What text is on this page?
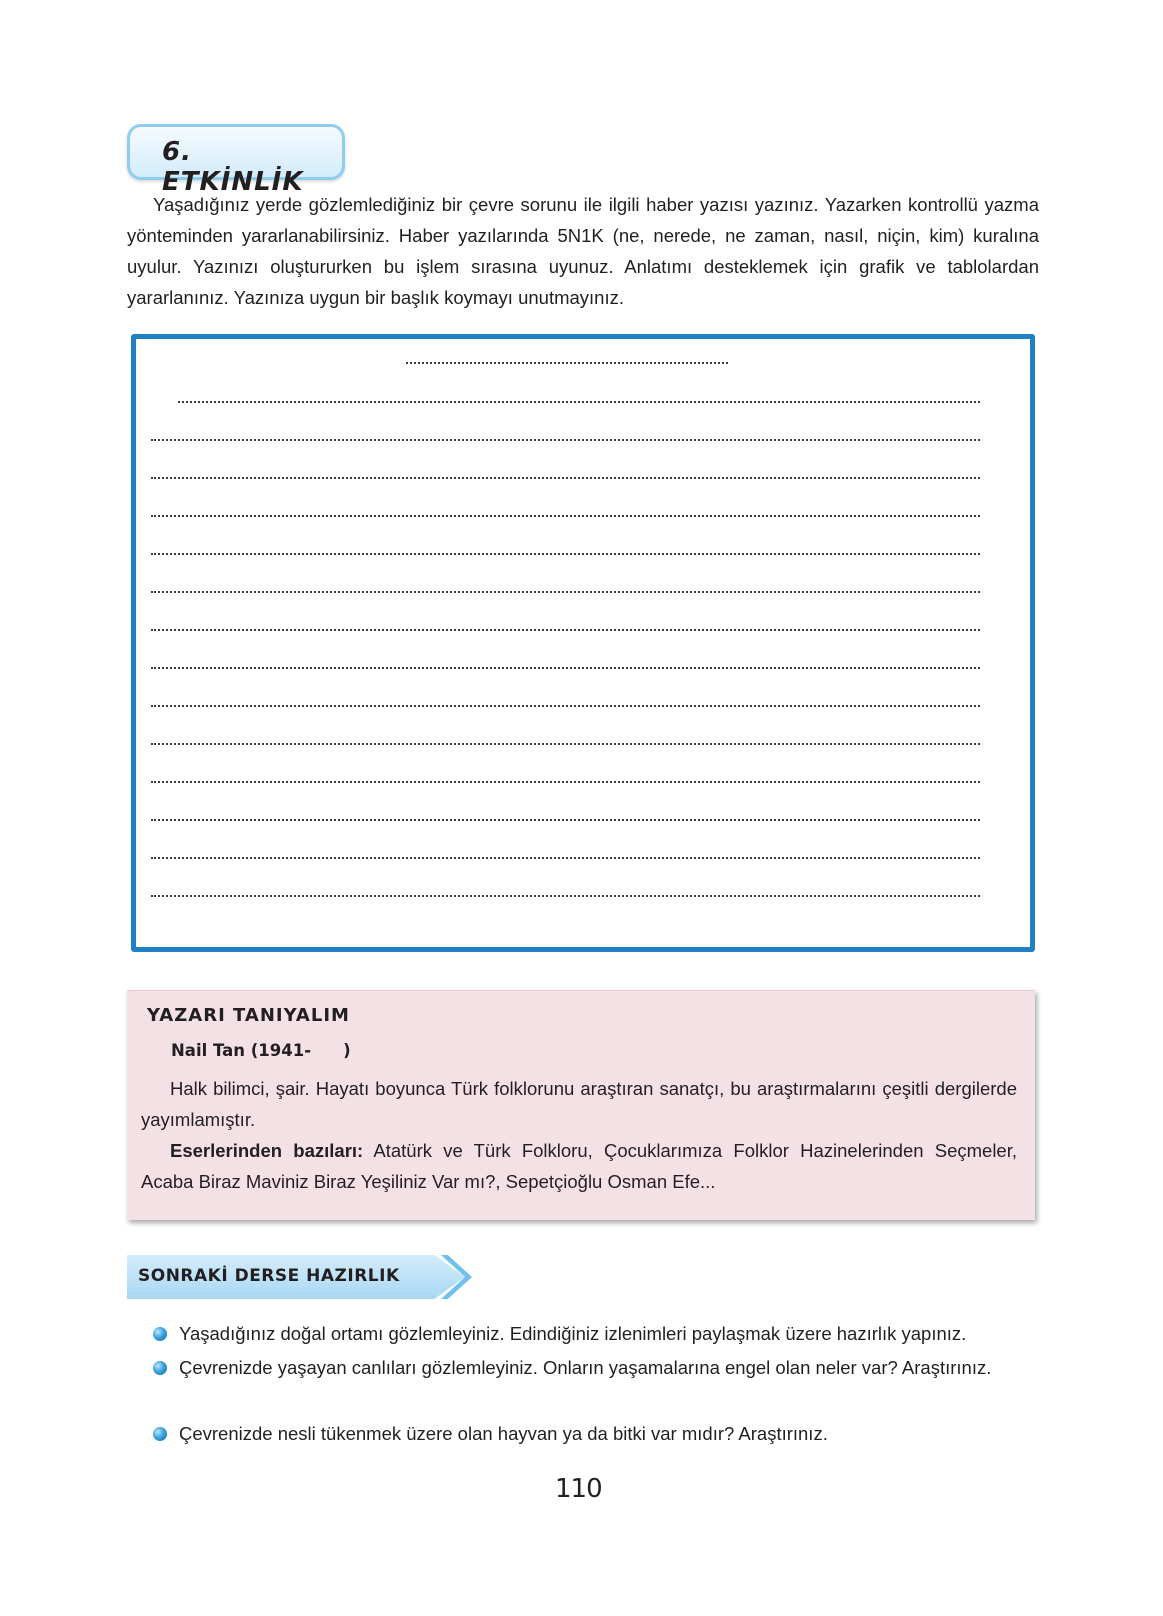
6. ETKİNLİK

Yaşadığınız yerde gözlemlediğiniz bir çevre sorunu ile ilgili haber yazısı yazınız. Yazarken kontrollü yazma yönteminden yararlanabilirsiniz. Haber yazılarında 5N1K (ne, nerede, ne zaman, nasıl, niçin, kim) kuralına uyulur. Yazınızı oluştururken bu işlem sırasına uyunuz. Anlatımı desteklemek için grafik ve tablolardan yararlanınız. Yazınıza uygun bir başlık koymayı unutmayınız.

YAZARI TANIYALIM
Nail Tan (1941- )

Halk bilimci, şair. Hayatı boyunca Türk folklorunu araştıran sanatçı, bu araştırmalarını çeşitli dergilerde yayımlamıştır.

Eserlerinden bazıları: Atatürk ve Türk Folkloru, Çocuklarımıza Folklor Hazinelerinden Seçmeler, Acaba Biraz Maviniz Biraz Yeşiliniz Var mı?, Sepetçioğlu Osman Efe...

SONRAKİ DERSE HAZIRLIK

Yaşadığınız doğal ortamı gözlemleyiniz. Edindiğiniz izlenimleri paylaşmak üzere hazırlık yapınız.

Çevrenizde yaşayan canlıları gözlemleyiniz. Onların yaşamalarına engel olan neler var? Araştırınız.

Çevrenizde nesli tükenmek üzere olan hayvan ya da bitki var mıdır? Araştırınız.

110
